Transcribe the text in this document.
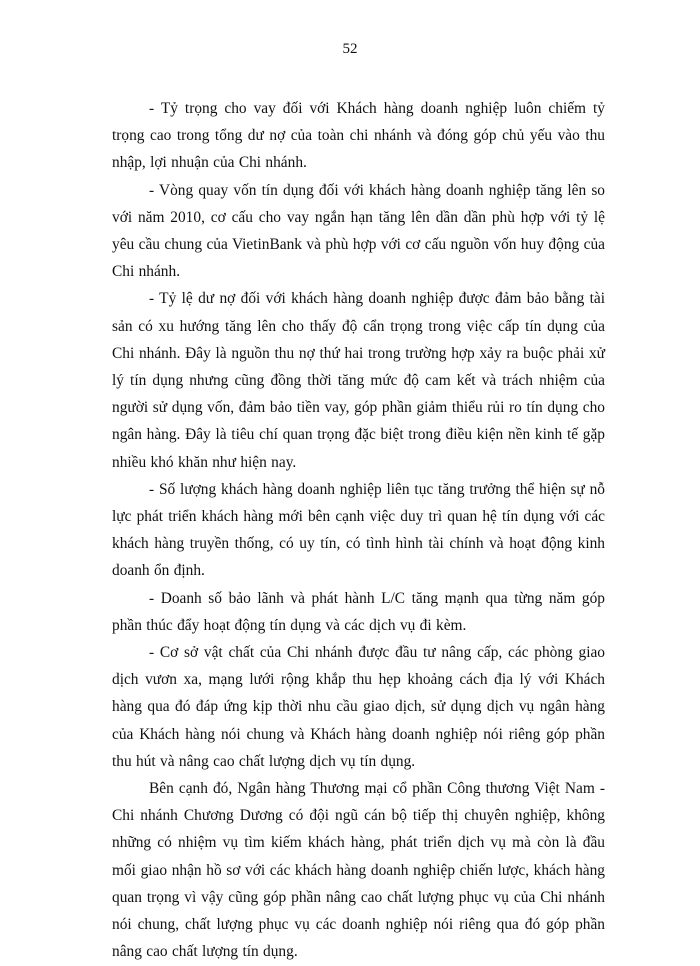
52

- Tỷ trọng cho vay đối với Khách hàng doanh nghiệp luôn chiếm tỷ trọng cao trong tổng dư nợ của toàn chi nhánh và đóng góp chủ yếu vào thu nhập, lợi nhuận của Chi nhánh.

- Vòng quay vốn tín dụng đối với khách hàng doanh nghiệp tăng lên so với năm 2010, cơ cấu cho vay ngắn hạn tăng lên dần dần phù hợp với tỷ lệ yêu cầu chung của VietinBank và phù hợp với cơ cấu nguồn vốn huy động của Chi nhánh.

- Tỷ lệ dư nợ đối với khách hàng doanh nghiệp được đảm bảo bằng tài sản có xu hướng tăng lên cho thấy độ cẩn trọng trong việc cấp tín dụng của Chi nhánh. Đây là nguồn thu nợ thứ hai trong trường hợp xảy ra buộc phải xử lý tín dụng nhưng cũng đồng thời tăng mức độ cam kết và trách nhiệm của người sử dụng vốn, đảm bảo tiền vay, góp phần giảm thiểu rủi ro tín dụng cho ngân hàng. Đây là tiêu chí quan trọng đặc biệt trong điều kiện nền kinh tế gặp nhiều khó khăn như hiện nay.

- Số lượng khách hàng doanh nghiệp liên tục tăng trưởng thể hiện sự nỗ lực phát triển khách hàng mới bên cạnh việc duy trì quan hệ tín dụng với các khách hàng truyền thống, có uy tín, có tình hình tài chính và hoạt động kinh doanh ổn định.

- Doanh số bảo lãnh và phát hành L/C tăng mạnh qua từng năm góp phần thúc đẩy hoạt động tín dụng và các dịch vụ đi kèm.

- Cơ sở vật chất của Chi nhánh được đầu tư nâng cấp, các phòng giao dịch vươn xa, mạng lưới rộng khắp thu hẹp khoảng cách địa lý với Khách hàng qua đó đáp ứng kịp thời nhu cầu giao dịch, sử dụng dịch vụ ngân hàng của Khách hàng nói chung và Khách hàng doanh nghiệp nói riêng góp phần thu hút và nâng cao chất lượng dịch vụ tín dụng.

Bên cạnh đó, Ngân hàng Thương mại cổ phần Công thương Việt Nam - Chi nhánh Chương Dương có đội ngũ cán bộ tiếp thị chuyên nghiệp, không những có nhiệm vụ tìm kiếm khách hàng, phát triển dịch vụ mà còn là đầu mối giao nhận hồ sơ với các khách hàng doanh nghiệp chiến lược, khách hàng quan trọng vì vậy cũng góp phần nâng cao chất lượng phục vụ của Chi nhánh nói chung, chất lượng phục vụ các doanh nghiệp nói riêng qua đó góp phần nâng cao chất lượng tín dụng.
